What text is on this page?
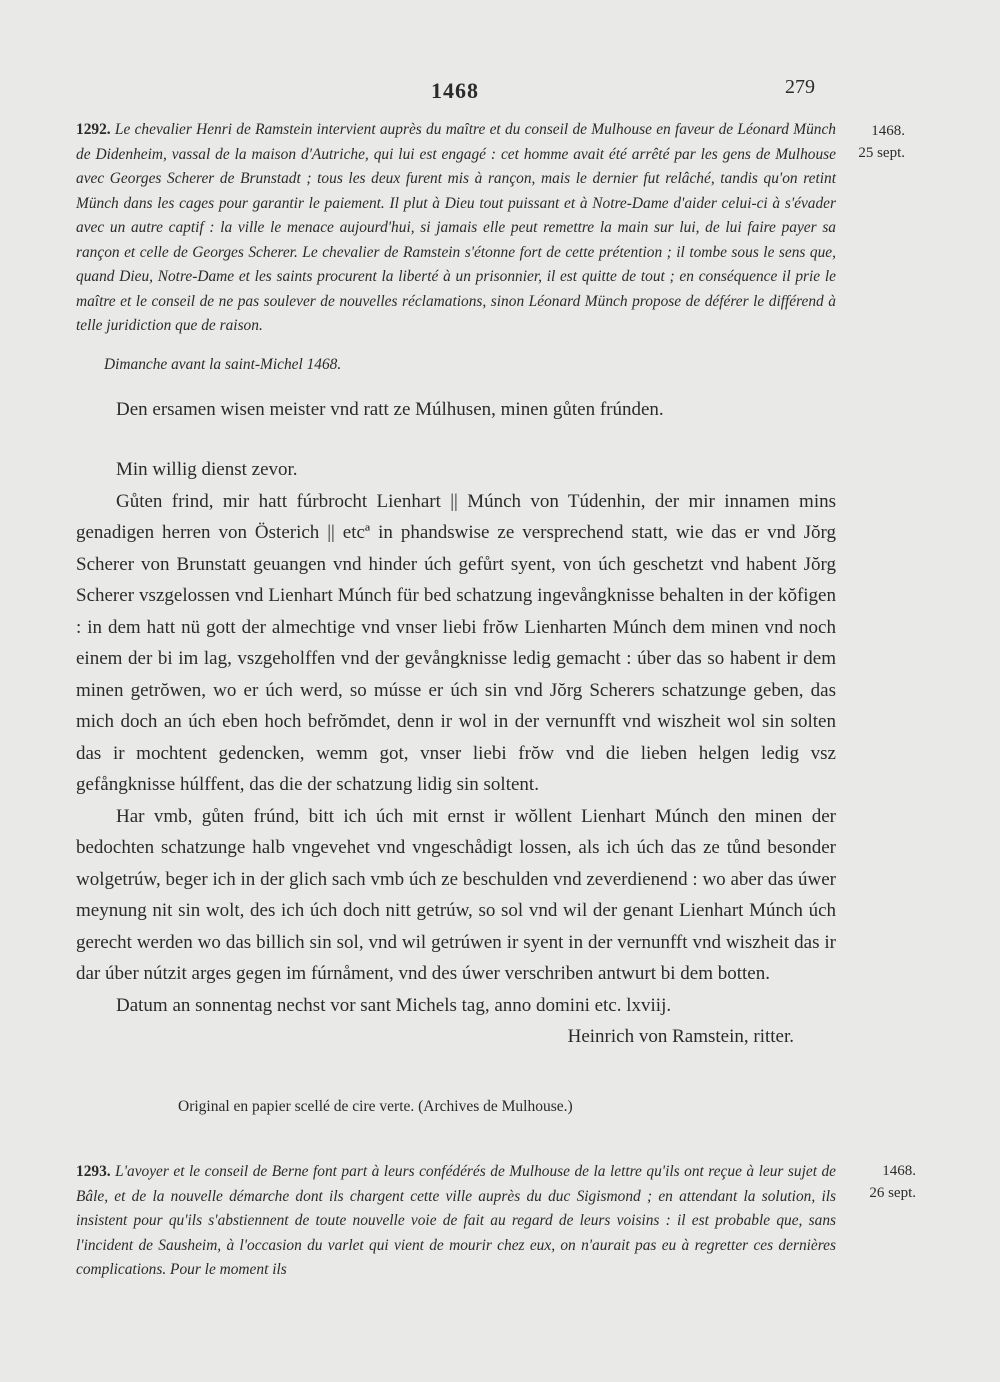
1468	279
1292. Le chevalier Henri de Ramstein intervient auprès du maître et du conseil de Mulhouse en faveur de Léonard Münch de Didenheim, vassal de la maison d'Autriche, qui lui est engagé : cet homme avait été arrêté par les gens de Mulhouse avec Georges Scherer de Brunstadt ; tous les deux furent mis à rançon, mais le dernier fut relâché, tandis qu'on retint Münch dans les cages pour garantir le paiement. Il plut à Dieu tout puissant et à Notre-Dame d'aider celui-ci à s'évader avec un autre captif : la ville le menace aujourd'hui, si jamais elle peut remettre la main sur lui, de lui faire payer sa rançon et celle de Georges Scherer. Le chevalier de Ramstein s'étonne fort de cette prétention ; il tombe sous le sens que, quand Dieu, Notre-Dame et les saints procurent la liberté à un prisonnier, il est quitte de tout ; en conséquence il prie le maître et le conseil de ne pas soulever de nouvelles réclamations, sinon Léonard Münch propose de déférer le différend à telle juridiction que de raison.
1468.
25 sept.
Dimanche avant la saint-Michel 1468.
Den ersamen wisen meister vnd ratt ze Múlhusen, minen gůten frúnden.

Min willig dienst zevor.

Gůten frind, mir hatt fúrbrocht Lienhart || Múnch von Túdenhin, der mir innamen mins genadigen herren von Österich || etcª in phandswise ze versprechend statt, wie das er vnd Jŏrg Scherer von Brunstatt geuangen vnd hinder úch gefůrt syent, von úch geschetzt vnd habent Jŏrg Scherer vszgelossen vnd Lienhart Múnch für bed schatzung ingevångknisse behalten in der kŏfigen : in dem hatt nü gott der almechtige vnd vnser liebi frŏw Lienharten Múnch dem minen vnd noch einem der bi im lag, vszgeholffen vnd der gevångknisse ledig gemacht : úber das so habent ir dem minen getrŏwen, wo er úch werd, so músse er úch sin vnd Jŏrg Scherers schatzunge geben, das mich doch an úch eben hoch befrŏmdet, denn ir wol in der vernunfft vnd wiszheit wol sin solten das ir mochtent gedencken, wemm got, vnser liebi frŏw vnd die lieben helgen ledig vsz gefångknisse húlffent, das die der schatzung lidig sin soltent.

Har vmb, gůten frúnd, bitt ich úch mit ernst ir wŏllent Lienhart Múnch den minen der bedochten schatzunge halb vngevehet vnd vngeschådigt lossen, als ich úch das ze tůnd besonder wolgetrúw, beger ich in der glich sach vmb úch ze beschulden vnd zeverdienend : wo aber das úwer meynung nit sin wolt, des ich úch doch nitt getrúw, so sol vnd wil der genant Lienhart Múnch úch gerecht werden wo das billich sin sol, vnd wil getrúwen ir syent in der vernunfft vnd wiszheit das ir dar úber nútzit arges gegen im fúrnåment, vnd des úwer verschriben antwurt bi dem botten.

Datum an sonnentag nechst vor sant Michels tag, anno domini etc. lxviij.

Heinrich von Ramstein, ritter.

Original en papier scellé de cire verte. (Archives de Mulhouse.)
1293. L'avoyer et le conseil de Berne font part à leurs confédérés de Mulhouse de la lettre qu'ils ont reçue à leur sujet de Bâle, et de la nouvelle démarche dont ils chargent cette ville auprès du duc Sigismond ; en attendant la solution, ils insistent pour qu'ils s'abstiennent de toute nouvelle voie de fait au regard de leurs voisins : il est probable que, sans l'incident de Sausheim, à l'occasion du varlet qui vient de mourir chez eux, on n'aurait pas eu à regretter ces dernières complications. Pour le moment ils
1468.
26 sept.
